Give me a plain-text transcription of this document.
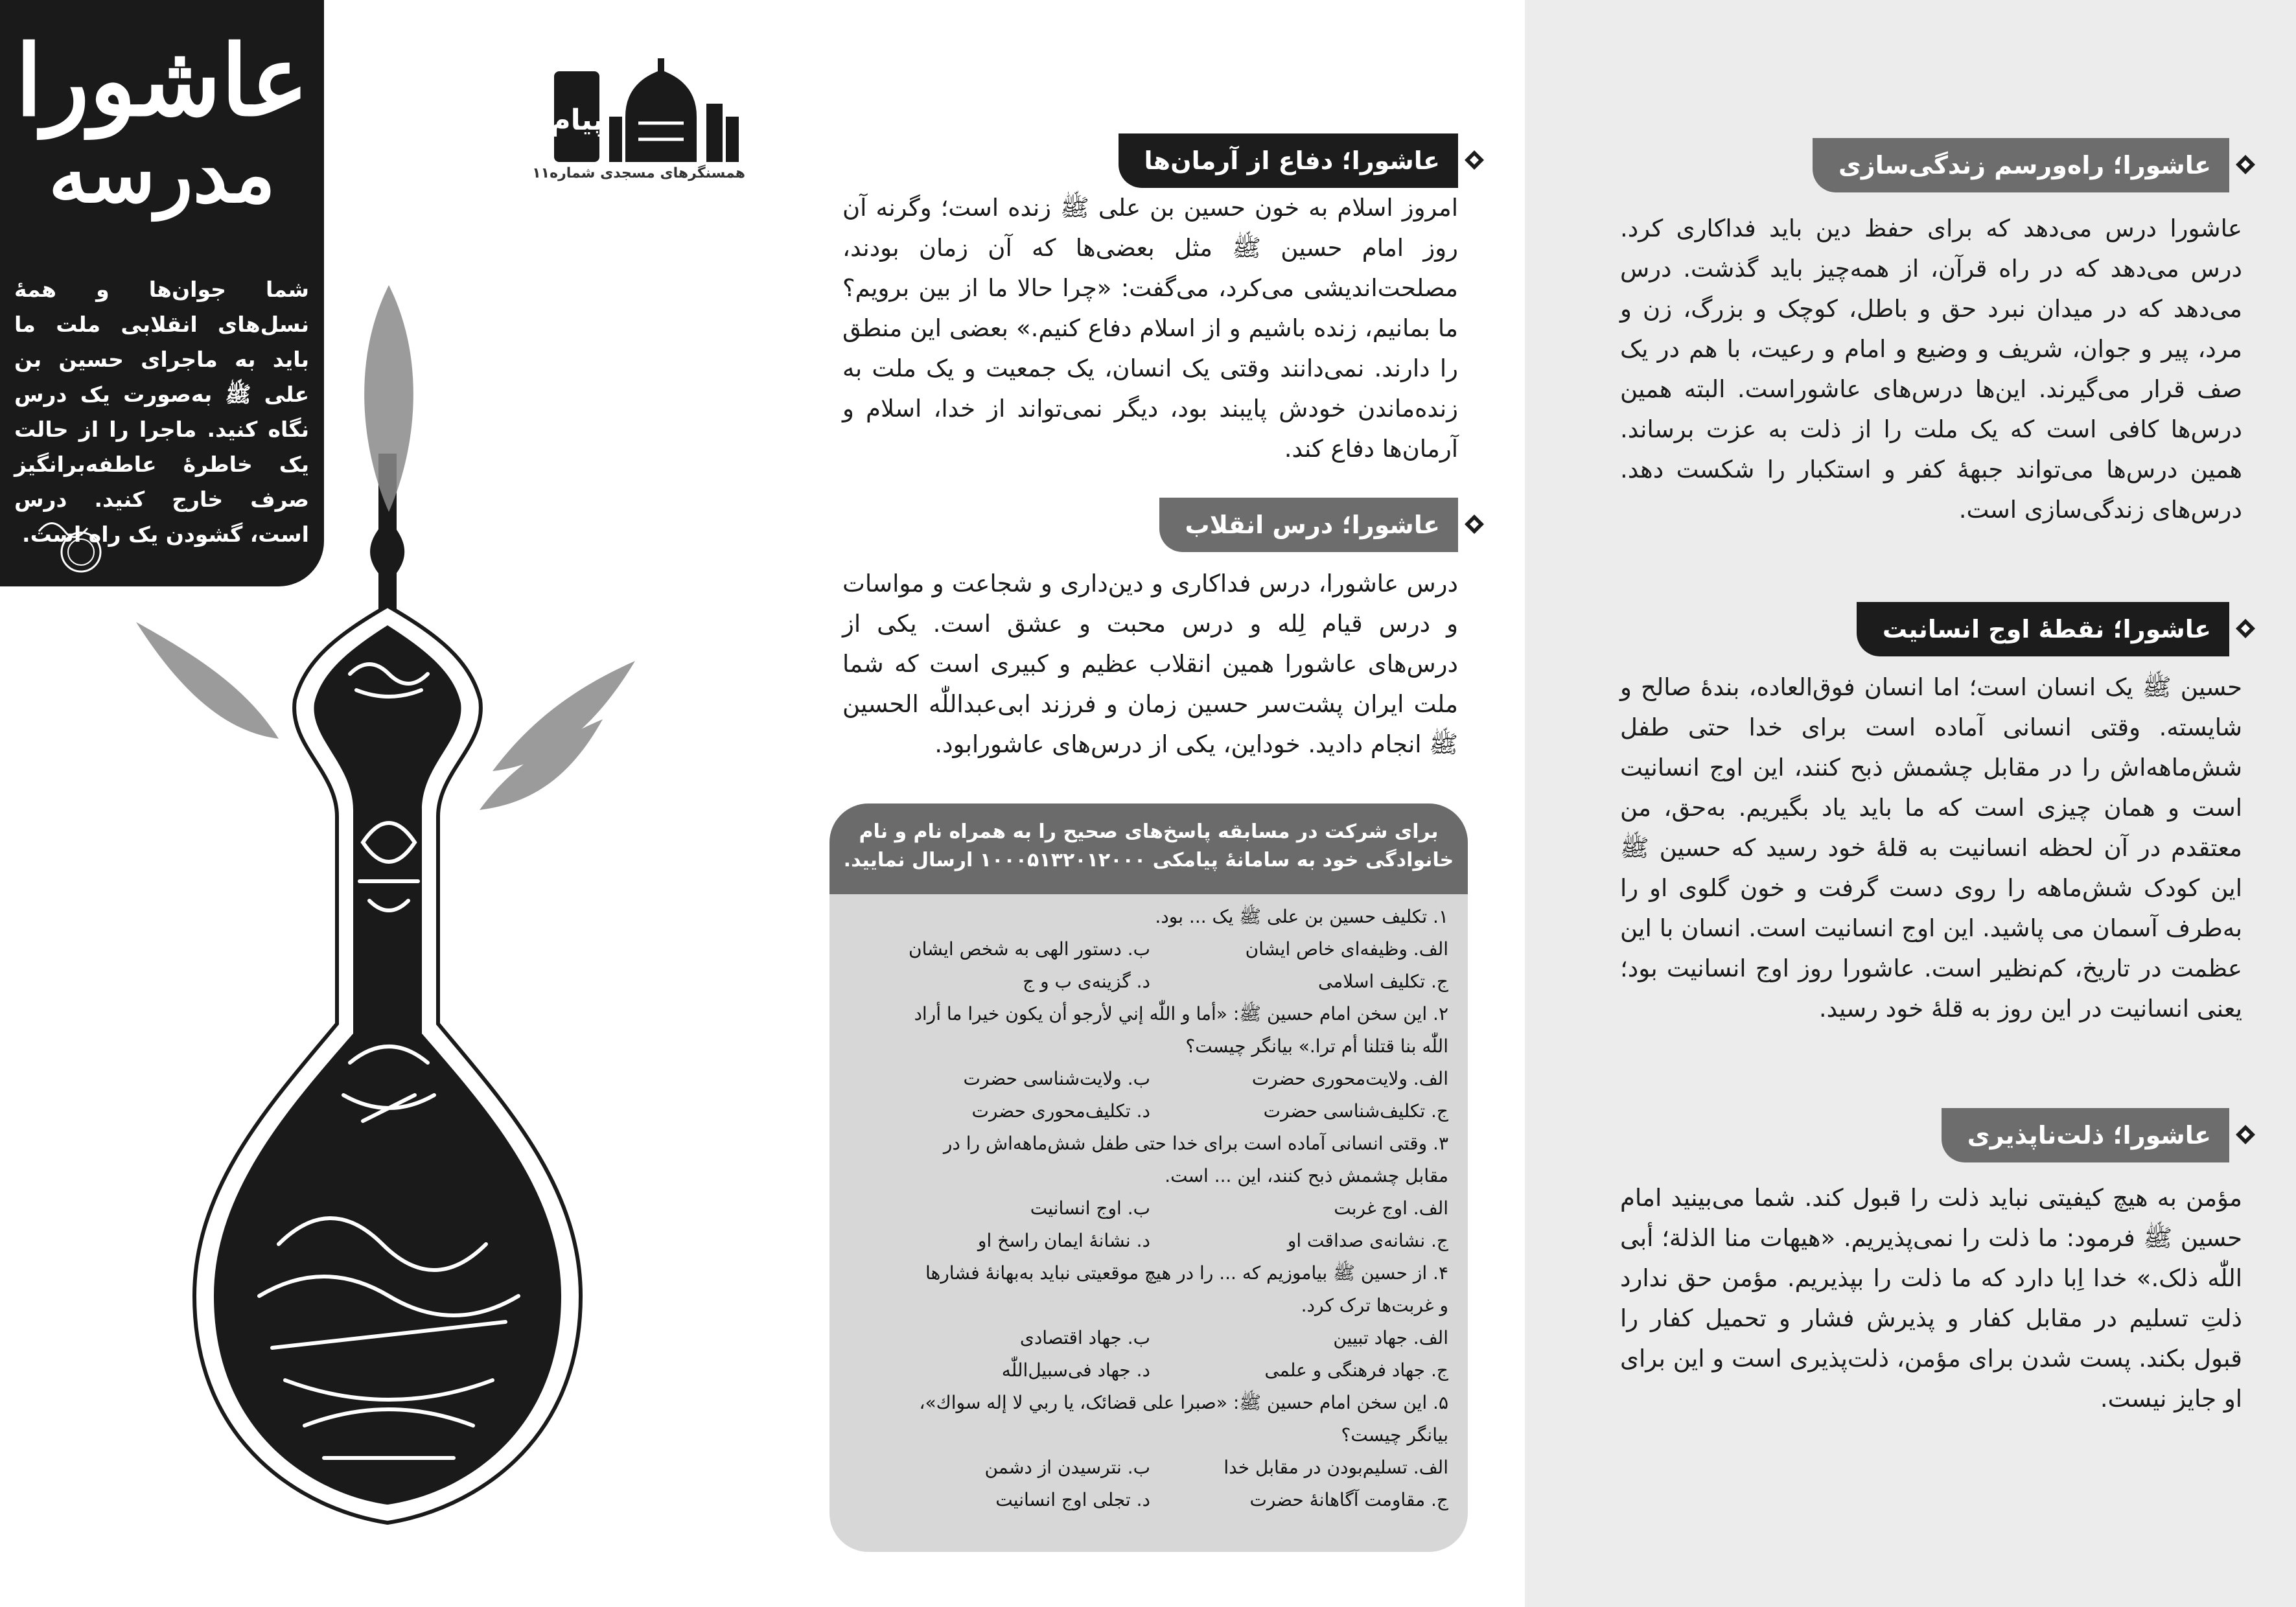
عاشورا
مدرسه
شما جوان‌ها و همهٔ نسل‌های انقلابی ملت ما باید به ماجرای حسین بن علی ﷺ به‌صورت یک درس نگاه کنید. ماجرا را از حالت یک خاطرهٔ عاطفه‌برانگیز صرف خارج کنید. درس است، گشودن یک راه است.
پیام
همسنگرهای مسجدی شماره۱۱	عاشورا؛ راه‌ورسم زندگی‌سازی
عاشورا درس می‌دهد که برای حفظ دین باید فداکاری کرد. درس می‌دهد که در راه قرآن، از همه‌چیز باید گذشت. درس می‌دهد که در میدان نبرد حق و باطل، کوچک و بزرگ، زن و مرد، پیر و جوان، شریف و وضیع و امام و رعیت، با هم در یک صف قرار می‌گیرند. این‌ها درس‌های عاشوراست. البته همین درس‌ها کافی است که یک ملت را از ذلت به عزت برساند. همین درس‌ها می‌تواند جبههٔ کفر و استکبار را شکست دهد. درس‌های زندگی‌سازی است.
عاشورا؛ نقطهٔ اوج انسانیت
حسین ﷺ یک انسان است؛ اما انسان فوق‌العاده، بندهٔ صالح و شایسته. وقتی انسانی آماده است برای خدا حتی طفل شش‌ماهه‌اش را در مقابل چشمش ذبح کنند، این اوج انسانیت است و همان چیزی است که ما باید یاد بگیریم. به‌حق، من معتقدم در آن لحظه انسانیت به قلهٔ خود رسید که حسین ﷺ این کودک شش‌ماهه را روی دست گرفت و خون گلوی او را به‌طرف آسمان می پاشید. این اوج انسانیت است. انسان با این عظمت در تاریخ، کم‌نظیر است. عاشورا روز اوج انسانیت بود؛ یعنی انسانیت در این روز به قلهٔ خود رسید.
عاشورا؛ ذلت‌ناپذیری
مؤمن به هیچ کیفیتی نباید ذلت را قبول کند. شما می‌بینید امام حسین ﷺ فرمود: ما ذلت را نمی‌پذیریم. «هیهات منا الذلة؛ أبی اللّٰه ذلک.» خدا اِبا دارد که ما ذلت را بپذیریم. مؤمن حق ندارد ذلتِ تسلیم در مقابل کفار و پذیرش فشار و تحمیل کفار را قبول بکند. پست شدن برای مؤمن، ذلت‌پذیری است و این برای او جایز نیست.
عاشورا؛ دفاع از آرمان‌ها
امروز اسلام به خون حسین بن علی ﷺ زنده است؛ وگرنه آن روز امام حسین ﷺ مثل بعضی‌ها که آن زمان بودند، مصلحت‌اندیشی می‌کرد، می‌گفت: «چرا حالا ما از بین برویم؟ ما بمانیم، زنده باشیم و از اسلام دفاع کنیم.» بعضی این منطق را دارند. نمی‌دانند وقتی یک انسان، یک جمعیت و یک ملت به زنده‌ماندن خودش پایبند بود، دیگر نمی‌تواند از خدا، اسلام و آرمان‌ها دفاع کند.
عاشورا؛ درس انقلاب
درس عاشورا، درس فداکاری و دین‌داری و شجاعت و مواسات و درس قیام لِله و درس محبت و عشق است. یکی از درس‌های عاشورا همین انقلاب عظیم و کبیری است که شما ملت ایران پشت‌سر حسین زمان و فرزند ابی‌عبداللّٰه الحسین ﷺ انجام دادید. خوداین، یکی از درس‌های عاشورابود.
برای شرکت در مسابقه پاسخ‌های صحیح را به همراه نام و نام خانوادگی خود به سامانهٔ پیامکی ۱۰۰۰۵۱۳۲۰۱۲۰۰۰ ارسال نمایید.
۱. تکلیف حسین بن علی ﷺ یک ... بود.
الف. وظیفه‌ای خاص ایشان
ب. دستور الهی به شخص ایشان
ج. تکلیف اسلامی
د. گزینه‌ی ب و ج
۲. این سخن امام حسین ﷺ: «أما و اللّٰه إني لأرجو أن يكون خيرا ما أراد
اللّٰه بنا قتلنا أم ترا.» بیانگر چیست؟
الف. ولایت‌محوری حضرت
ب. ولایت‌شناسی حضرت
ج. تکلیف‌شناسی حضرت
د. تکلیف‌محوری حضرت
۳. وقتی انسانی آماده است برای خدا حتی طفل شش‌ماهه‌اش را در
مقابل چشمش ذبح کنند، این ... است.
الف. اوج غربت
ب. اوج انسانیت
ج. نشانه‌ی صداقت او
د. نشانهٔ ایمان راسخ او
۴. از حسین ﷺ بیاموزیم که ... را در هیچ موقعیتی نباید به‌بهانهٔ فشارها
و غربت‌ها ترک کرد.
الف. جهاد تبیین
ب. جهاد اقتصادی
ج. جهاد فرهنگی و علمی
د. جهاد فی‌سبیل‌اللّٰه
۵. این سخن امام حسین ﷺ: «صبرا على قضائک، یا ربي لا إله سواك»،
بیانگر چیست؟
الف. تسلیم‌بودن در مقابل خدا
ب. نترسیدن از دشمن
ج. مقاومت آگاهانهٔ حضرت
د. تجلی اوج انسانیت
